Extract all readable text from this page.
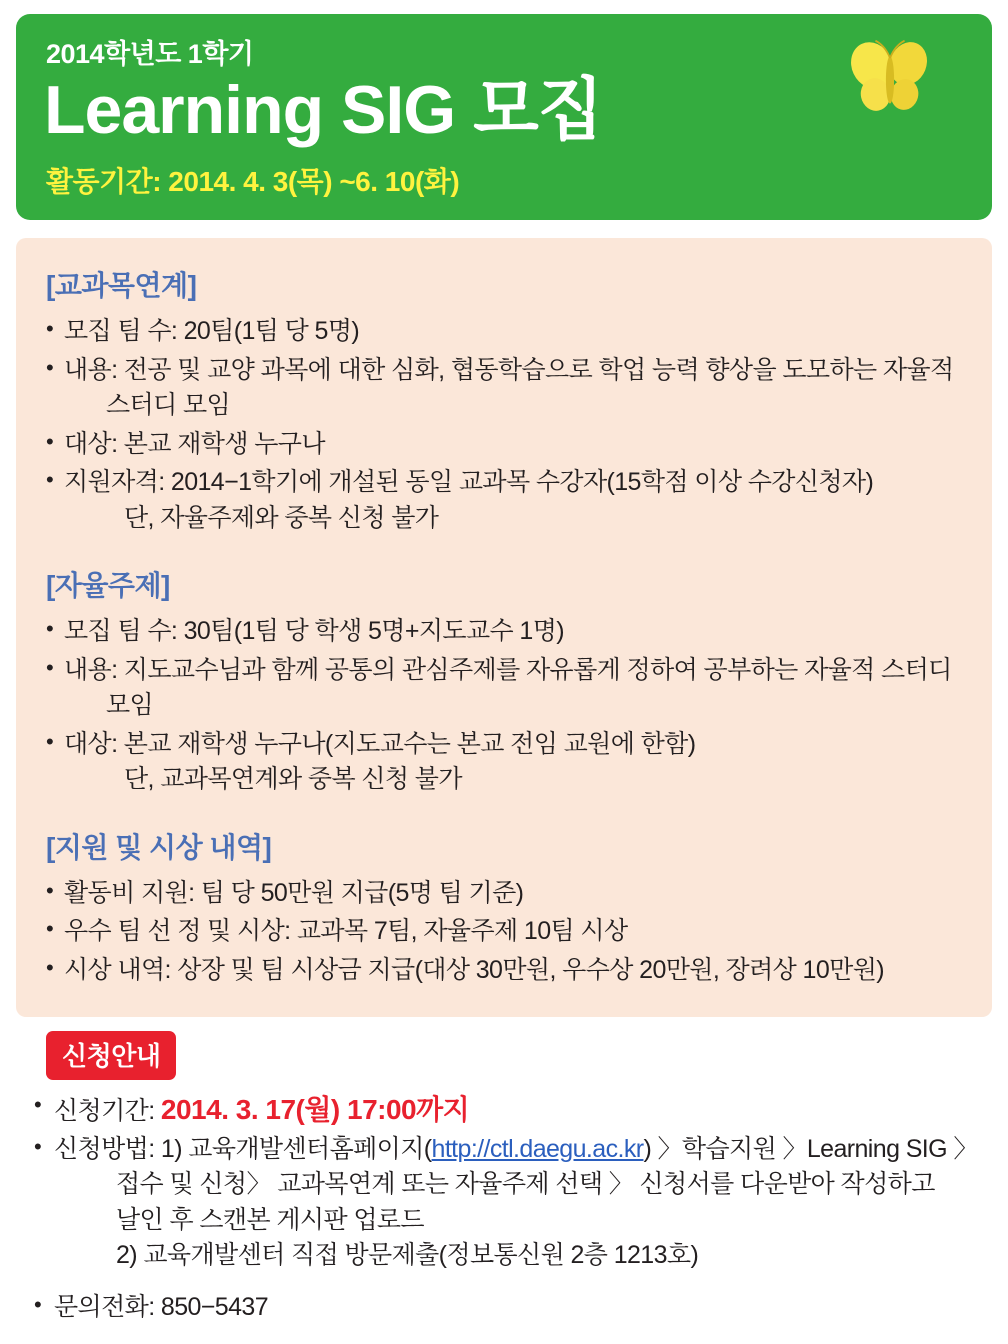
2014학년도 1학기
Learning SIG 모집
활동기간: 2014. 4. 3(목) ~6. 10(화)
[교과목연계]
• 모집 팀 수: 20팀(1팀 당 5명)
• 내용: 전공 및 교양 과목에 대한 심화, 협동학습으로 학업 능력 향상을 도모하는 자율적
스터디 모임
• 대상: 본교 재학생 누구나
• 지원자격: 2014−1학기에 개설된 동일 교과목 수강자(15학점 이상 수강신청자)
단, 자율주제와 중복 신청 불가
[자율주제]
• 모집 팀 수: 30팀(1팀 당 학생 5명+지도교수 1명)
• 내용: 지도교수님과 함께 공통의 관심주제를 자유롭게 정하여 공부하는 자율적 스터디
모임
• 대상: 본교 재학생 누구나(지도교수는 본교 전임 교원에 한함)
단, 교과목연계와 중복 신청 불가
[지원 및 시상 내역]
• 활동비 지원: 팀 당 50만원 지급(5명 팀 기준)
• 우수 팀 선 정 및 시상: 교과목 7팀, 자율주제 10팀 시상
• 시상 내역: 상장 및 팀 시상금 지급(대상 30만원, 우수상 20만원, 장려상 10만원)
신청안내
• 신청기간: 2014. 3. 17(월) 17:00까지
• 신청방법: 1) 교육개발센터홈페이지(http://ctl.daegu.ac.kr) 〉학습지원 〉Learning SIG 〉
접수 및 신청〉 교과목연계 또는 자율주제 선택 〉 신청서를 다운받아 작성하고
날인 후 스캔본 게시판 업로드
2) 교육개발센터 직접 방문제출(정보통신원 2층 1213호)
• 문의전화: 850−5437
